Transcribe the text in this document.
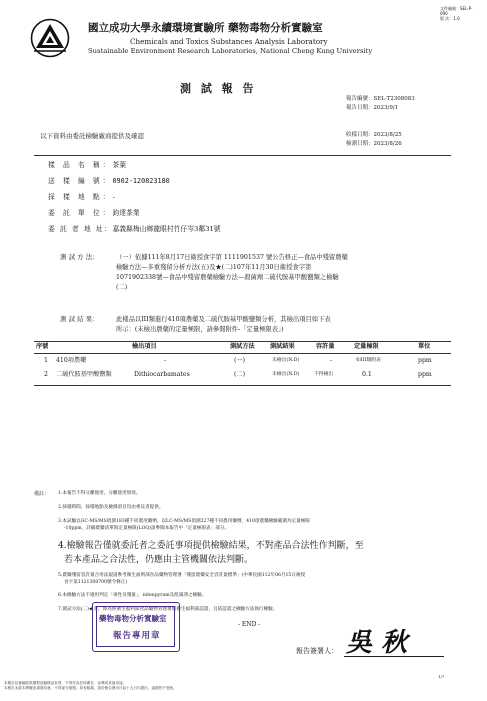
文件編號：SEL-P-090
版 次：1.0
國立成功大學永續環境實驗所 藥物毒物分析實驗室
Chemicals and Toxics Substances Analysis Laboratory
Sustainable Environment Research Laboratories, National Cheng Kung University
測 試 報 告
報告編號：SEL-T2308083
報告日期：2023/9/1
以下資料由委託檢驗廠商提供及確認	收樣日期：2023/8/25
檢測日期：2023/8/26
樣 品 名 稱：茶葉
送 樣 編 號：0902-120823180
採 樣 地 點：-
委 託 單 位：鈞達茶業
委 託 者 地 址：嘉義縣梅山鄉龍眼村竹仔岑3鄰31號
測 試 方 法：	（一）依據111年8月17日衛授食字第 1111901537 號公告修正—食品中殘留農藥
檢驗方法—多重殘留分析方法(五)及★(二)107年11月30日衛授食字第
1071902338號—食品中殘留農藥檢驗方法—殺菌劑二硫代胺基甲酸鹽類之檢驗
(二)
測 試 結 果：	此樣品以III類進行410項農藥及二硫代胺基甲酸鹽類分析，其檢出項目如下表
所示：(未檢出農藥的定量極限，請參閱附件-「定量極限表」)
序號	檢出項目	測試方法 測試結果	容許量	定量極限	單位
1 410項農藥	-	(一)	未檢出(N.D)	-	如III類附表	ppm
2 二硫代胺基甲酸鹽類	Dithiocarbamates	(二)	未檢出(N.D)	不得檢出	0.1	ppm
備註： 1.本報告不得分離使用，分離使用無效。
2.採樣時間、採樣地點及檢測項目均由委託者提供。
3.本試驗以GC-MS/MS偵測183種不同農用藥劑，以LC-MS/MS偵測227種不同農用藥劑，410項農藥檢驗範圍為定量極限
-10ppm，詳細農藥清單與定量極限(LOQ)請參閱本報告中「定量極限表」部分。
4.檢驗報告僅就委託者之委託事項提供檢驗結果，不對產品合法性作判斷，至
若本產品之合法性，仍應由主管機關依法判斷。
5.農藥殘留容許量合用法規請參考衛生福利部食品藥物管理署「殘留農藥安全容許量標準」(中華民國112年06月15日衛授
食字第1121300700號令修正)
6.本檢驗方法不適用判定「毒性及殘量」，nitenpyram及派滅淨之檢驗。
7.測試方法(二)★者，係為經衛生福利部食品藥物管理署與衛生福利部認證，且依認證之檢驗方法執行檢驗。
藥物毒物分析實驗室
報告專用章
- END -
報告簽署人： 吳 秋
1/7
本報告及檢驗結果僅對送驗樣品負責，不得作為任何廣告、宣傳或其他用途。
本報告未經本實驗室書面同意，不得部分複製。如有疑義，請於報告發出日起十五日內提出，逾期恕不受理。
